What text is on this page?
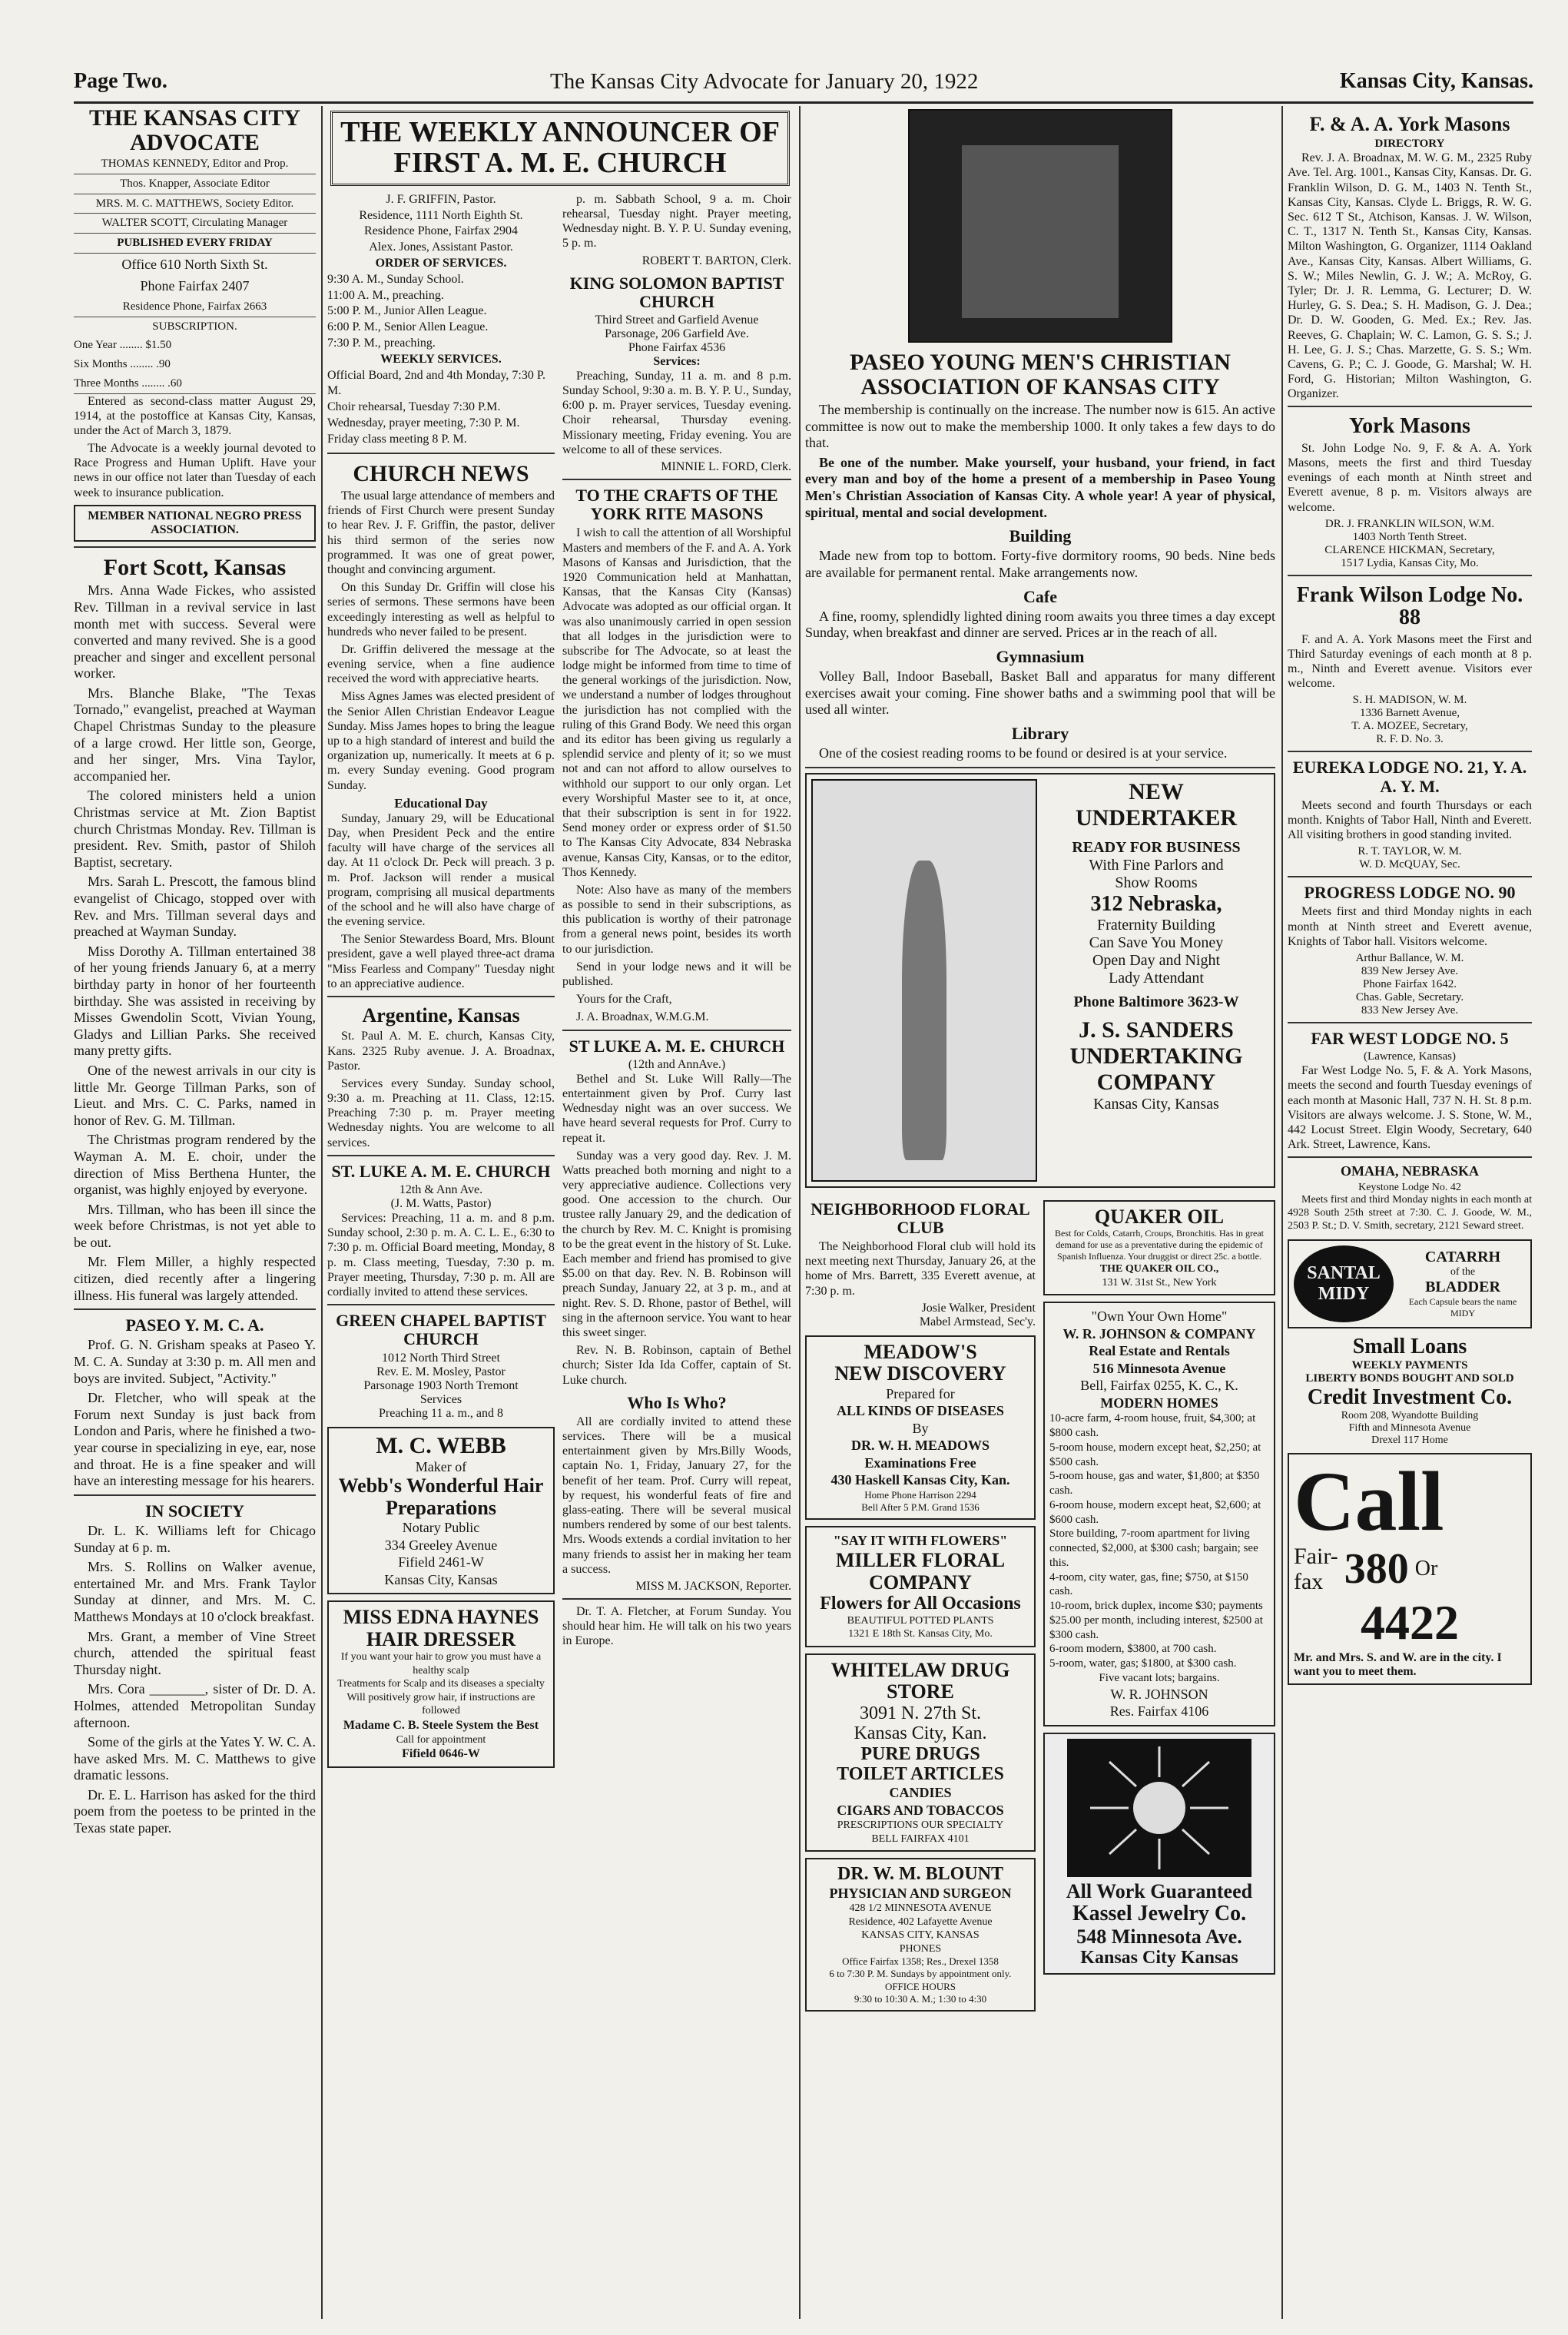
Page Two.	The Kansas City Advocate for January 20, 1922	Kansas City, Kansas.
THE KANSAS CITY ADVOCATE
THOMAS KENNEDY, Editor and Prop.
Thos. Knapper, Associate Editor
MRS. M. C. MATTHEWS, Society Editor.
WALTER SCOTT, Circulating Manager
PUBLISHED EVERY FRIDAY
Office 610 North Sixth St.
Phone Fairfax 2407
Residence Phone, Fairfax 2663
SUBSCRIPTION.
One Year ........ $1.50
Six Months ........ .90
Three Months ........ .60

Entered as second-class matter August 29, 1914, at the postoffice at Kansas City, Kansas, under the Act of March 3, 1879.

The Advocate is a weekly journal devoted to Race Progress and Human Uplift. Have your news in our office not later than Tuesday of each week to insurance publication.

MEMBER NATIONAL NEGRO PRESS ASSOCIATION.
Fort Scott, Kansas

Mrs. Anna Wade Fickes, who assisted Rev. Tillman in a revival service in last month met with success. Several were converted and many revived. She is a good preacher and singer and excellent personal worker.

Mrs. Blanche Blake, "The Texas Tornado," evangelist, preached at Wayman Chapel Christmas Sunday to the pleasure of a large crowd. Her little son, George, and her singer, Mrs. Vina Taylor, accompanied her.

The colored ministers held a union Christmas service at Mt. Zion Baptist church Christmas Monday. Rev. Tillman is president. Rev. Smith, pastor of Shiloh Baptist, secretary.

Mrs. Sarah L. Prescott, the famous blind evangelist of Chicago, stopped over with Rev. and Mrs. Tillman several days and preached at Wayman Sunday.

Miss Dorothy A. Tillman entertained 38 of her young friends January 6, at a merry birthday party in honor of her fourteenth birthday. She was assisted in receiving by Misses Gwendolin Scott, Vivian Young, Gladys and Lillian Parks. She received many pretty gifts.

One of the newest arrivals in our city is little Mr. George Tillman Parks, son of Lieut. and Mrs. C. C. Parks, named in honor of Rev. G. M. Tillman.

The Christmas program rendered by the Wayman A. M. E. choir, under the direction of Miss Berthena Hunter, the organist, was highly enjoyed by everyone.

Mrs. Tillman, who has been ill since the week before Christmas, is not yet able to be out.

Mr. Flem Miller, a highly respected citizen, died recently after a lingering illness. His funeral was largely attended.

PASEO Y. M. C. A.

Prof. G. N. Grisham speaks at Paseo Y. M. C. A. Sunday at 3:30 p. m. All men and boys are invited. Subject, "Activity."

Dr. Fletcher, who will speak at the Forum next Sunday is just back from London and Paris, where he finished a two-year course in specializing in eye, ear, nose and throat. He is a fine speaker and will have an interesting message for his hearers.

IN SOCIETY

Dr. L. K. Williams left for Chicago Sunday at 6 p. m.

Mrs. S. Rollins on Walker avenue, entertained Mr. and Mrs. Frank Taylor Sunday at dinner, and Mrs. M. C. Matthews Mondays at 10 o'clock breakfast.

Mrs. Grant, a member of Vine Street church, attended the spiritual feast Thursday night.

Mrs. Cora ________, sister of Dr. D. A. Holmes, attended Metropolitan Sunday afternoon.

Some of the girls at the Yates Y. W. C. A. have asked Mrs. M. C. Matthews to give dramatic lessons.

Dr. E. L. Harrison has asked for the third poem from the poetess to be printed in the Texas state paper.

THE WEEKLY ANNOUNCER OF FIRST A. M. E. CHURCH
J. F. GRIFFIN, Pastor.
Residence, 1111 North Eighth St.
Residence Phone, Fairfax 2904
Alex. Jones, Assistant Pastor.
ORDER OF SERVICES.
9:30 A. M., Sunday School.
11:00 A. M., preaching.
5:00 P. M., Junior Allen League.
6:00 P. M., Senior Allen League.
7:30 P. M., preaching.
WEEKLY SERVICES.
Official Board, 2nd and 4th Monday, 7:30 P. M.
Choir rehearsal, Tuesday 7:30 P.M.
Wednesday, prayer meeting, 7:30 P. M. Friday class meeting 8 P. M.
CHURCH NEWS

The usual large attendance of members and friends of First Church were present Sunday to hear Rev. J. F. Griffin, the pastor, deliver his third sermon of the series now programmed. It was one of great power, thought and convincing argument.

On this Sunday Dr. Griffin will close his series of sermons. These sermons have been exceedingly interesting as well as helpful to hundreds who never failed to be present.

Dr. Griffin delivered the message at the evening service, when a fine audience received the word with appreciative hearts.

Miss Agnes James was elected president of the Senior Allen Christian Endeavor League Sunday. Miss James hopes to bring the league up to a high standard of interest and build the organization up, numerically. It meets at 6 p. m. every Sunday evening. Good program Sunday.

Educational Day

Sunday, January 29, will be Educational Day, when President Peck and the entire faculty will have charge of the services all day. At 11 o'clock Dr. Peck will preach. 3 p. m. Prof. Jackson will render a musical program, comprising all musical departments of the school and he will also have charge of the evening service.

The Senior Stewardess Board, Mrs. Blount president, gave a well played three-act drama "Miss Fearless and Company" Tuesday night to an appreciative audience.

Argentine, Kansas

St. Paul A. M. E. church, Kansas City, Kans. 2325 Ruby avenue. J. A. Broadnax, Pastor.

Services every Sunday. Sunday school, 9:30 a. m. Preaching at 11. Class, 12:15. Preaching 7:30 p. m. Prayer meeting Wednesday nights. You are welcome to all services.

ST. LUKE A. M. E. CHURCH
12th & Ann Ave.
(J. M. Watts, Pastor)

Services: Preaching, 11 a. m. and 8 p.m. Sunday school, 2:30 p. m. A. C. L. E., 6:30 to 7:30 p. m. Official Board meeting, Monday, 8 p. m. Class meeting, Tuesday, 7:30 p. m. Prayer meeting, Thursday, 7:30 p. m. All are cordially invited to attend these services.

GREEN CHAPEL BAPTIST CHURCH
1012 North Third Street
Rev. E. M. Mosley, Pastor
Parsonage 1903 North Tremont
Services
Preaching 11 a. m., and 8
M. C. WEBB
Maker of
Webb's Wonderful Hair Preparations
Notary Public
334 Greeley Avenue
Fifield 2461-W
Kansas City, Kansas
MISS EDNA HAYNES HAIR DRESSER
If you want your hair to grow you must have a healthy scalp
Treatments for Scalp and its diseases a specialty
Will positively grow hair, if instructions are followed
Madame C. B. Steele System the Best
Call for appointment
Fifield 0646-W

p. m. Sabbath School, 9 a. m. Choir rehearsal, Tuesday night. Prayer meeting, Wednesday night. B. Y. P. U. Sunday evening, 5 p. m.

ROBERT T. BARTON, Clerk.
KING SOLOMON BAPTIST CHURCH
Third Street and Garfield Avenue
Parsonage, 206 Garfield Ave.
Phone Fairfax 4536
Services:

Preaching, Sunday, 11 a. m. and 8 p.m. Sunday School, 9:30 a. m. B. Y. P. U., Sunday, 6:00 p. m. Prayer services, Tuesday evening. Choir rehearsal, Thursday evening. Missionary meeting, Friday evening. You are welcome to all of these services.

MINNIE L. FORD, Clerk.
TO THE CRAFTS OF THE YORK RITE MASONS

I wish to call the attention of all Worshipful Masters and members of the F. and A. A. York Masons of Kansas and Jurisdiction, that the 1920 Communication held at Manhattan, Kansas, that the Kansas City (Kansas) Advocate was adopted as our official organ. It was also unanimously carried in open session that all lodges in the jurisdiction were to subscribe for The Advocate, so at least the lodge might be informed from time to time of the general workings of the jurisdiction. Now, we understand a number of lodges throughout the jurisdiction has not complied with the ruling of this Grand Body. We need this organ and its editor has been giving us regularly a splendid service and plenty of it; so we must not and can not afford to allow ourselves to withhold our support to our only organ. Let every Worshipful Master see to it, at once, that their subscription is sent in for 1922. Send money order or express order of $1.50 to The Kansas City Advocate, 834 Nebraska avenue, Kansas City, Kansas, or to the editor, Thos Kennedy.

Note: Also have as many of the members as possible to send in their subscriptions, as this publication is worthy of their patronage from a general news point, besides its worth to our jurisdiction.

Send in your lodge news and it will be published.

Yours for the Craft,

J. A. Broadnax, W.M.G.M.

ST LUKE A. M. E. CHURCH
(12th and AnnAve.)

Bethel and St. Luke Will Rally—The entertainment given by Prof. Curry last Wednesday night was an over success. We have heard several requests for Prof. Curry to repeat it.

Sunday was a very good day. Rev. J. M. Watts preached both morning and night to a very appreciative audience. Collections very good. One accession to the church. Our trustee rally January 29, and the dedication of the church by Rev. M. C. Knight is promising to be the great event in the history of St. Luke. Each member and friend has promised to give $5.00 on that day. Rev. N. B. Robinson will preach Sunday, January 22, at 3 p. m., and at night. Rev. S. D. Rhone, pastor of Bethel, will sing in the afternoon service. You want to hear this sweet singer.

Rev. N. B. Robinson, captain of Bethel church; Sister Ida Ida Coffer, captain of St. Luke church.

Who Is Who?

All are cordially invited to attend these services. There will be a musical entertainment given by Mrs.Billy Woods, captain No. 1, Friday, January 27, for the benefit of her team. Prof. Curry will repeat, by request, his wonderful feats of fire and glass-eating. There will be several musical numbers rendered by some of our best talents. Mrs. Woods extends a cordial invitation to her many friends to assist her in making her team a success.

MISS M. JACKSON, Reporter.

Dr. T. A. Fletcher, at Forum Sunday. You should hear him. He will talk on his two years in Europe.

PASEO YOUNG MEN'S CHRISTIAN ASSOCIATION OF KANSAS CITY

The membership is continually on the increase. The number now is 615. An active committee is now out to make the membership 1000. It only takes a few days to do that.

Be one of the number. Make yourself, your husband, your friend, in fact every man and boy of the home a present of a membership in Paseo Young Men's Christian Association of Kansas City. A whole year! A year of physical, spiritual, mental and social development.

Building

Made new from top to bottom. Forty-five dormitory rooms, 90 beds. Nine beds are available for permanent rental. Make arrangements now.

Cafe

A fine, roomy, splendidly lighted dining room awaits you three times a day except Sunday, when breakfast and dinner are served. Prices ar in the reach of all.

Gymnasium

Volley Ball, Indoor Baseball, Basket Ball and apparatus for many different exercises await your coming. Fine shower baths and a swimming pool that will be used all winter.

Library

One of the cosiest reading rooms to be found or desired is at your service.

NEW
UNDERTAKER
READY FOR BUSINESS
With Fine Parlors and
Show Rooms
312 Nebraska,
Fraternity Building
Can Save You Money
Open Day and Night
Lady Attendant
Phone Baltimore 3623-W
J. S. SANDERS
UNDERTAKING
COMPANY
Kansas City, Kansas
NEIGHBORHOOD FLORAL CLUB

The Neighborhood Floral club will hold its next meeting next Thursday, January 26, at the home of Mrs. Barrett, 335 Everett avenue, at 7:30 p. m.

Josie Walker, President
Mabel Armstead, Sec'y.
MEADOW'S
NEW DISCOVERY
Prepared for
ALL KINDS OF DISEASES
By
DR. W. H. MEADOWS
Examinations Free
430 Haskell Kansas City, Kan.
Home Phone Harrison 2294
Bell After 5 P.M. Grand 1536
"SAY IT WITH FLOWERS"
MILLER FLORAL COMPANY
Flowers for All Occasions
BEAUTIFUL POTTED PLANTS
1321 E 18th St. Kansas City, Mo.
WHITELAW DRUG STORE
3091 N. 27th St.
Kansas City, Kan.
PURE DRUGS
TOILET ARTICLES
CANDIES
CIGARS AND TOBACCOS
PRESCRIPTIONS OUR SPECIALTY
BELL FAIRFAX 4101
DR. W. M. BLOUNT
PHYSICIAN AND SURGEON
428 1/2 MINNESOTA AVENUE
Residence, 402 Lafayette Avenue
KANSAS CITY, KANSAS
PHONES
Office Fairfax 1358; Res., Drexel 1358
6 to 7:30 P. M. Sundays by appointment only.
OFFICE HOURS
9:30 to 10:30 A. M.; 1:30 to 4:30
QUAKER OIL
Best for Colds, Catarrh, Croups, Bronchitis. Has in great demand for use as a preventative during the epidemic of Spanish Influenza. Your druggist or direct 25c. a bottle.
THE QUAKER OIL CO.,
131 W. 31st St., New York
"Own Your Own Home"
W. R. JOHNSON & COMPANY
Real Estate and Rentals
516 Minnesota Avenue
Bell, Fairfax 0255, K. C., K.
MODERN HOMES
10-acre farm, 4-room house, fruit, $4,300; at $800 cash.
5-room house, modern except heat, $2,250; at $500 cash.
5-room house, gas and water, $1,800; at $350 cash.
6-room house, modern except heat, $2,600; at $600 cash.
Store building, 7-room apartment for living connected, $2,000, at $300 cash; bargain; see this.
4-room, city water, gas, fine; $750, at $150 cash.
10-room, brick duplex, income $30; payments $25.00 per month, including interest, $2500 at $300 cash.
6-room modern, $3800, at 700 cash.
5-room, water, gas; $1800, at $300 cash.
Five vacant lots; bargains.
W. R. JOHNSON
Res. Fairfax 4106
All Work Guaranteed
Kassel Jewelry Co.
548 Minnesota Ave.
Kansas City Kansas
F. & A. A. York Masons
DIRECTORY

Rev. J. A. Broadnax, M. W. G. M., 2325 Ruby Ave. Tel. Arg. 1001., Kansas City, Kansas. Dr. G. Franklin Wilson, D. G. M., 1403 N. Tenth St., Kansas City, Kansas. Clyde L. Briggs, R. W. G. Sec. 612 T St., Atchison, Kansas. J. W. Wilson, C. T., 1317 N. Tenth St., Kansas City, Kansas. Milton Washington, G. Organizer, 1114 Oakland Ave., Kansas City, Kansas. Albert Williams, G. S. W.; Miles Newlin, G. J. W.; A. McRoy, G. Tyler; Dr. J. R. Lemma, G. Lecturer; D. W. Hurley, G. S. Dea.; S. H. Madison, G. J. Dea.; Dr. D. W. Gooden, G. Med. Ex.; Rev. Jas. Reeves, G. Chaplain; W. C. Lamon, G. S. S.; J. H. Lee, G. J. S.; Chas. Marzette, G. S. S.; Wm. Cavens, G. P.; C. J. Goode, G. Marshal; W. H. Ford, G. Historian; Milton Washington, G. Organizer.

York Masons

St. John Lodge No. 9, F. & A. A. York Masons, meets the first and third Tuesday evenings of each month at Ninth street and Everett avenue, 8 p. m. Visitors always are welcome.

DR. J. FRANKLIN WILSON, W.M.
1403 North Tenth Street.
CLARENCE HICKMAN, Secretary,
1517 Lydia, Kansas City, Mo.
Frank Wilson Lodge No. 88

F. and A. A. York Masons meet the First and Third Saturday evenings of each month at 8 p. m., Ninth and Everett avenue. Visitors ever welcome.

S. H. MADISON, W. M.
1336 Barnett Avenue,
T. A. MOZEE, Secretary,
R. F. D. No. 3.
EUREKA LODGE NO. 21, Y. A. A. Y. M.

Meets second and fourth Thursdays or each month. Knights of Tabor Hall, Ninth and Everett. All visiting brothers in good standing invited.

R. T. TAYLOR, W. M.
W. D. McQUAY, Sec.
PROGRESS LODGE NO. 90

Meets first and third Monday nights in each month at Ninth street and Everett avenue, Knights of Tabor hall. Visitors welcome.

Arthur Ballance, W. M.
839 New Jersey Ave.
Phone Fairfax 1642.
Chas. Gable, Secretary.
833 New Jersey Ave.
FAR WEST LODGE NO. 5
(Lawrence, Kansas)

Far West Lodge No. 5, F. & A. York Masons, meets the second and fourth Tuesday evenings of each month at Masonic Hall, 737 N. H. St. 8 p.m. Visitors are always welcome. J. S. Stone, W. M., 442 Locust Street. Elgin Woody, Secretary, 640 Ark. Street, Lawrence, Kans.

OMAHA, NEBRASKA
Keystone Lodge No. 42

Meets first and third Monday nights in each month at 4928 South 25th street at 7:30. C. J. Goode, W. M., 2503 P. St.; D. V. Smith, secretary, 2121 Seward street.

SANTAL
MIDY
CATARRH
of the
BLADDER
Each Capsule bears the name MIDY
Small Loans
WEEKLY PAYMENTS
LIBERTY BONDS BOUGHT AND SOLD
Credit Investment Co.
Room 208, Wyandotte Building
Fifth and Minnesota Avenue
Drexel 117 Home
Call
Fair-
fax 380 Or
4422
Mr. and Mrs. S. and W. are in the city. I want you to meet them.
